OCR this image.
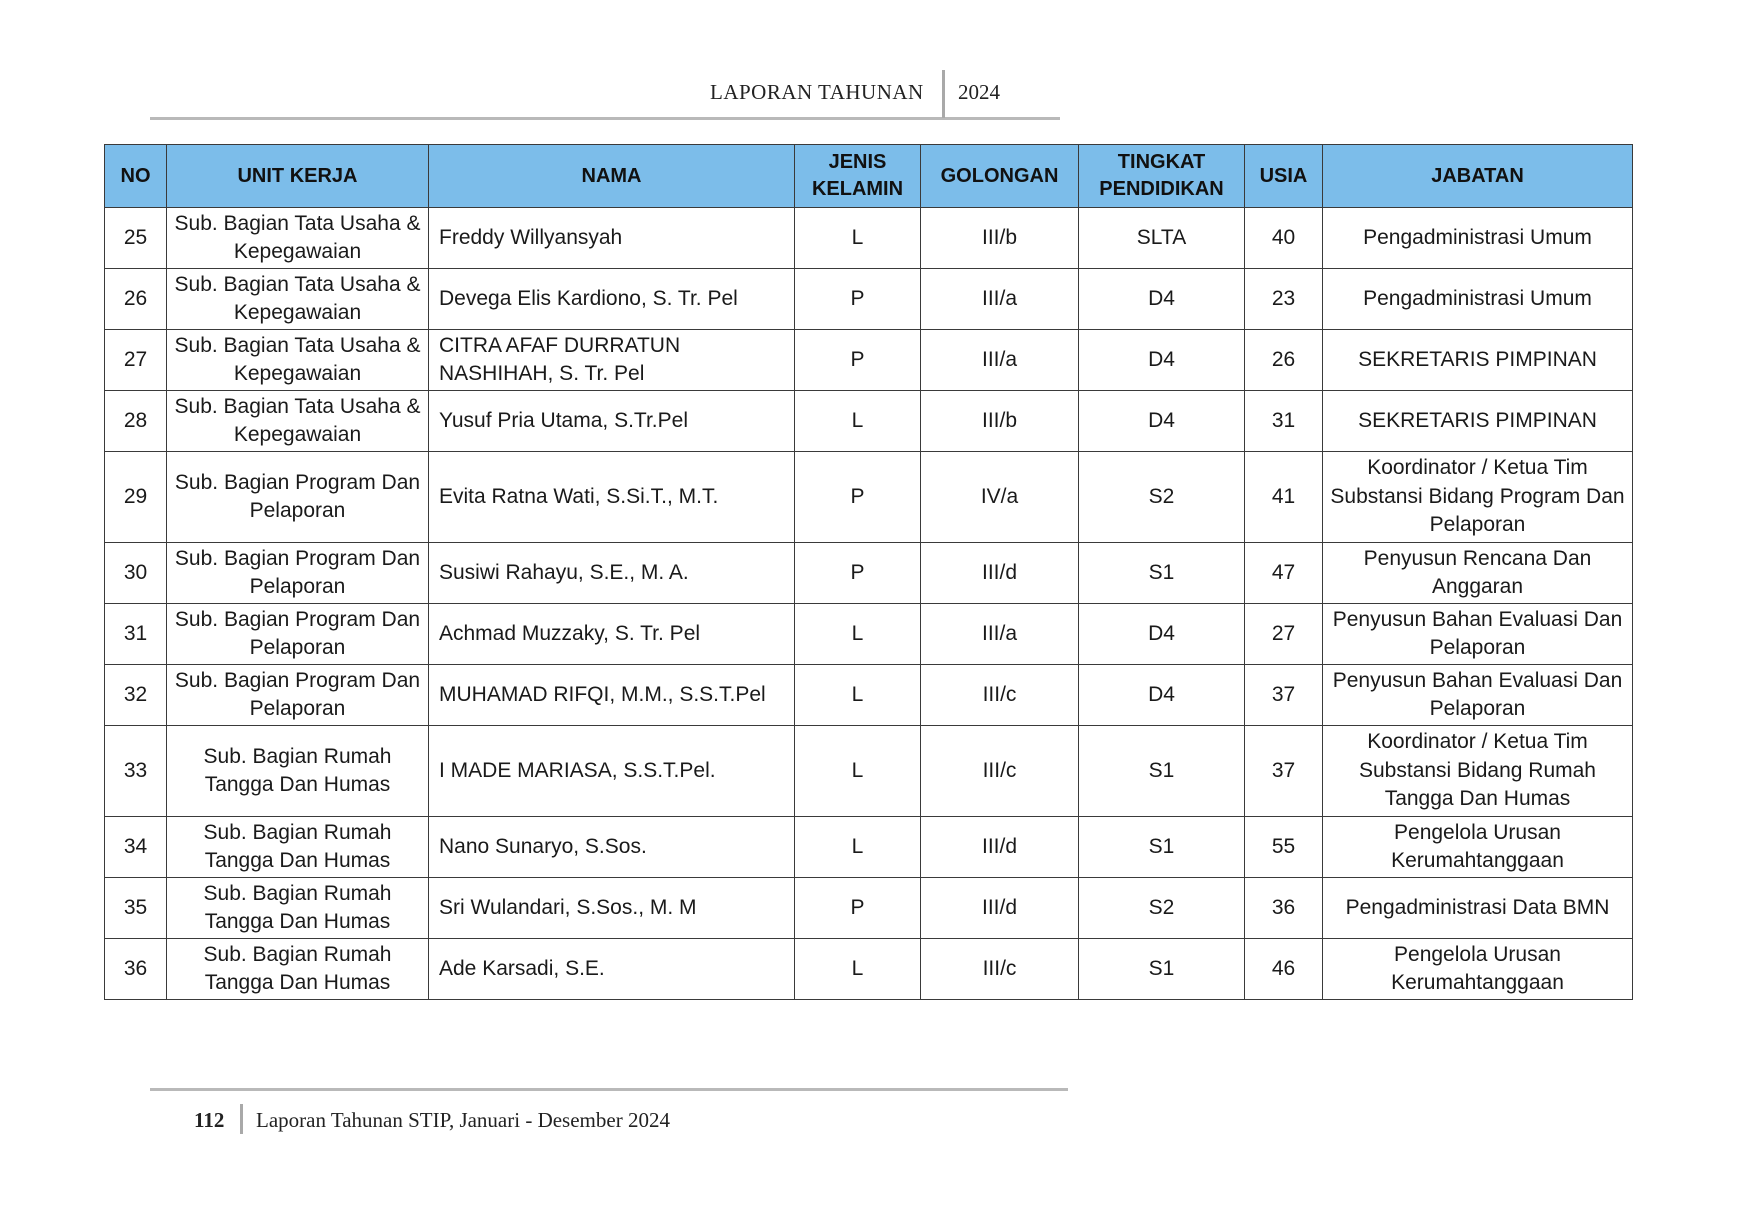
LAPORAN TAHUNAN 2024
NO	UNIT KERJA	NAMA	JENIS KELAMIN	GOLONGAN	TINGKAT PENDIDIKAN	USIA	JABATAN
25	Sub. Bagian Tata Usaha & Kepegawaian	Freddy Willyansyah	L	III/b	SLTA	40	Pengadministrasi Umum
26	Sub. Bagian Tata Usaha & Kepegawaian	Devega Elis Kardiono, S. Tr. Pel	P	III/a	D4	23	Pengadministrasi Umum
27	Sub. Bagian Tata Usaha & Kepegawaian	CITRA AFAF DURRATUN NASHIHAH, S. Tr. Pel	P	III/a	D4	26	SEKRETARIS PIMPINAN
28	Sub. Bagian Tata Usaha & Kepegawaian	Yusuf Pria Utama, S.Tr.Pel	L	III/b	D4	31	SEKRETARIS PIMPINAN
29	Sub. Bagian Program Dan Pelaporan	Evita Ratna Wati, S.Si.T., M.T.	P	IV/a	S2	41	Koordinator / Ketua Tim Substansi Bidang Program Dan Pelaporan
30	Sub. Bagian Program Dan Pelaporan	Susiwi Rahayu, S.E., M. A.	P	III/d	S1	47	Penyusun Rencana Dan Anggaran
31	Sub. Bagian Program Dan Pelaporan	Achmad Muzzaky, S. Tr. Pel	L	III/a	D4	27	Penyusun Bahan Evaluasi Dan Pelaporan
32	Sub. Bagian Program Dan Pelaporan	MUHAMAD RIFQI, M.M., S.S.T.Pel	L	III/c	D4	37	Penyusun Bahan Evaluasi Dan Pelaporan
33	Sub. Bagian Rumah Tangga Dan Humas	I MADE MARIASA, S.S.T.Pel.	L	III/c	S1	37	Koordinator / Ketua Tim Substansi Bidang Rumah Tangga Dan Humas
34	Sub. Bagian Rumah Tangga Dan Humas	Nano Sunaryo, S.Sos.	L	III/d	S1	55	Pengelola Urusan Kerumahtanggaan
35	Sub. Bagian Rumah Tangga Dan Humas	Sri Wulandari, S.Sos., M. M	P	III/d	S2	36	Pengadministrasi Data BMN
36	Sub. Bagian Rumah Tangga Dan Humas	Ade Karsadi, S.E.	L	III/c	S1	46	Pengelola Urusan Kerumahtanggaan
112 Laporan Tahunan STIP, Januari - Desember 2024
